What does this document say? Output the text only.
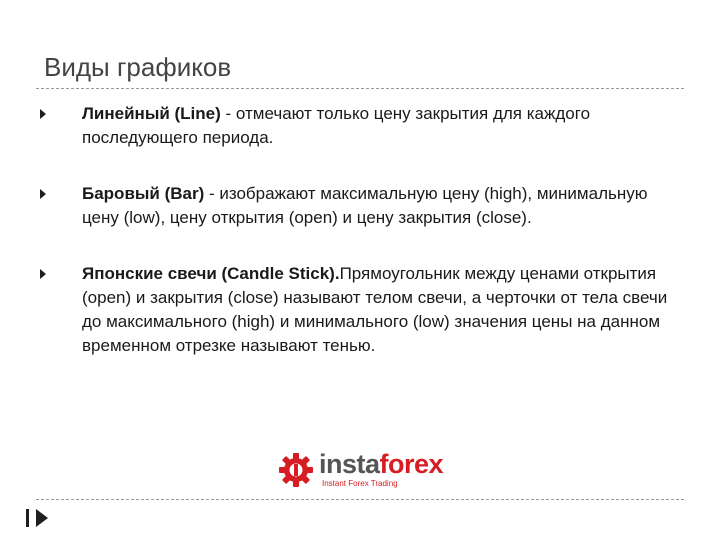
Виды графиков
Линейный (Line) - отмечают только цену закрытия для каждого последующего периода.
Баровый (Bar) - изображают максимальную цену (high), минимальную цену (low), цену открытия (open) и цену закрытия (close).
Японские свечи (Candle Stick).Прямоугольник между ценами открытия (open) и закрытия (close) называют телом свечи, а черточки от тела свечи до максимального (high) и минимального (low) значения цены на данном временном отрезке называют тенью.
instaforex
Instant Forex Trading
